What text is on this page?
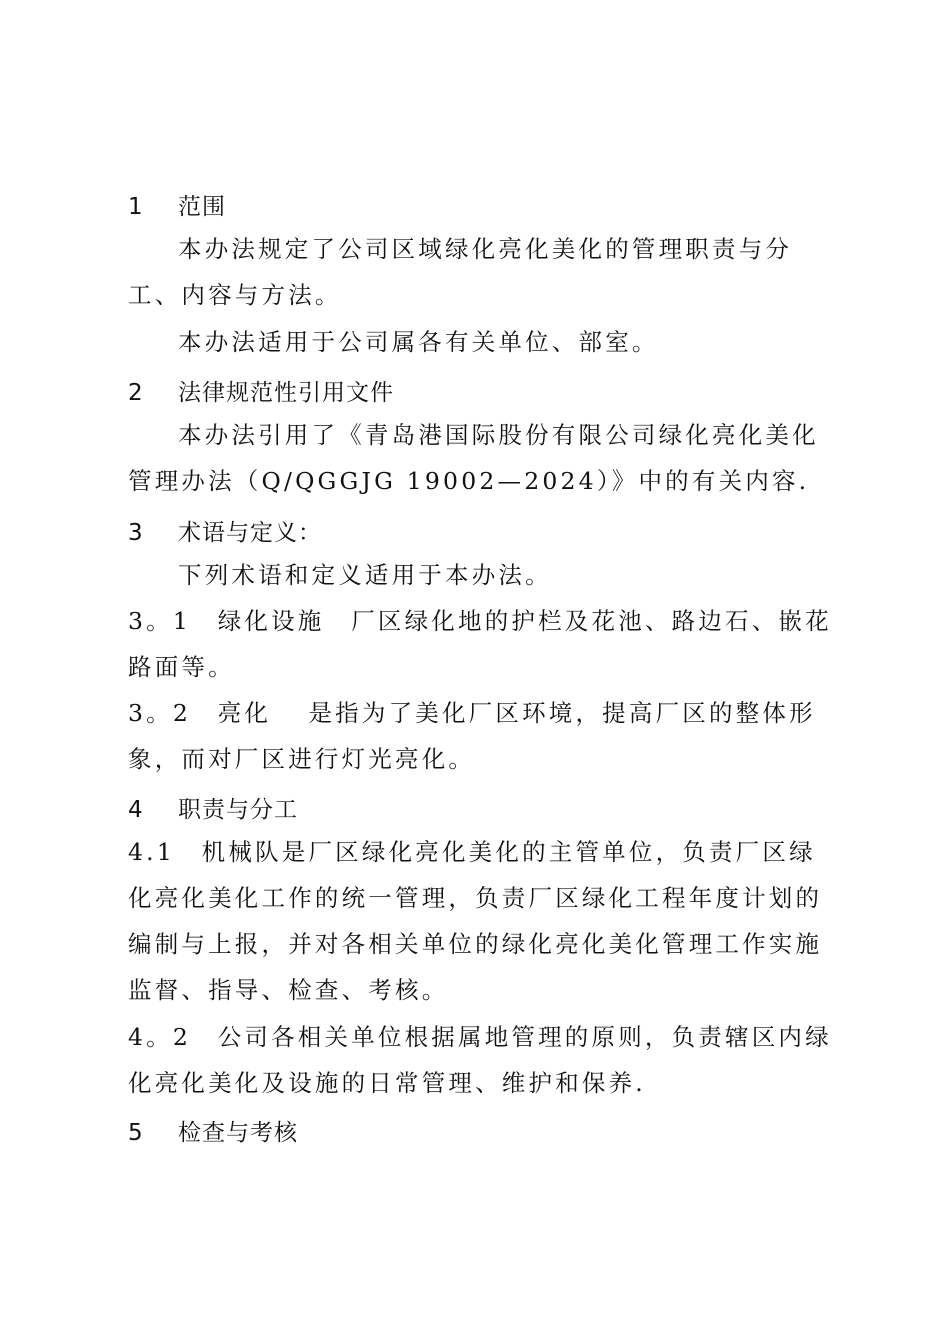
1 范围
本办法规定了公司区域绿化亮化美化的管理职责与分工、内容与方法。
本办法适用于公司属各有关单位、部室。
2 法律规范性引用文件
本办法引用了《青岛港国际股份有限公司绿化亮化美化管理办法（Q/QGGJG 19002—2024）》中的有关内容.
3 术语与定义：
下列术语和定义适用于本办法。
3。1　绿化设施　厂区绿化地的护栏及花池、路边石、嵌花路面等。
3。2　亮化　 是指为了美化厂区环境，提高厂区的整体形象，而对厂区进行灯光亮化。
4 职责与分工
4.1　机械队是厂区绿化亮化美化的主管单位，负责厂区绿化亮化美化工作的统一管理，负责厂区绿化工程年度计划的编制与上报，并对各相关单位的绿化亮化美化管理工作实施监督、指导、检查、考核。
4。2　公司各相关单位根据属地管理的原则，负责辖区内绿化亮化美化及设施的日常管理、维护和保养.
5 检查与考核
